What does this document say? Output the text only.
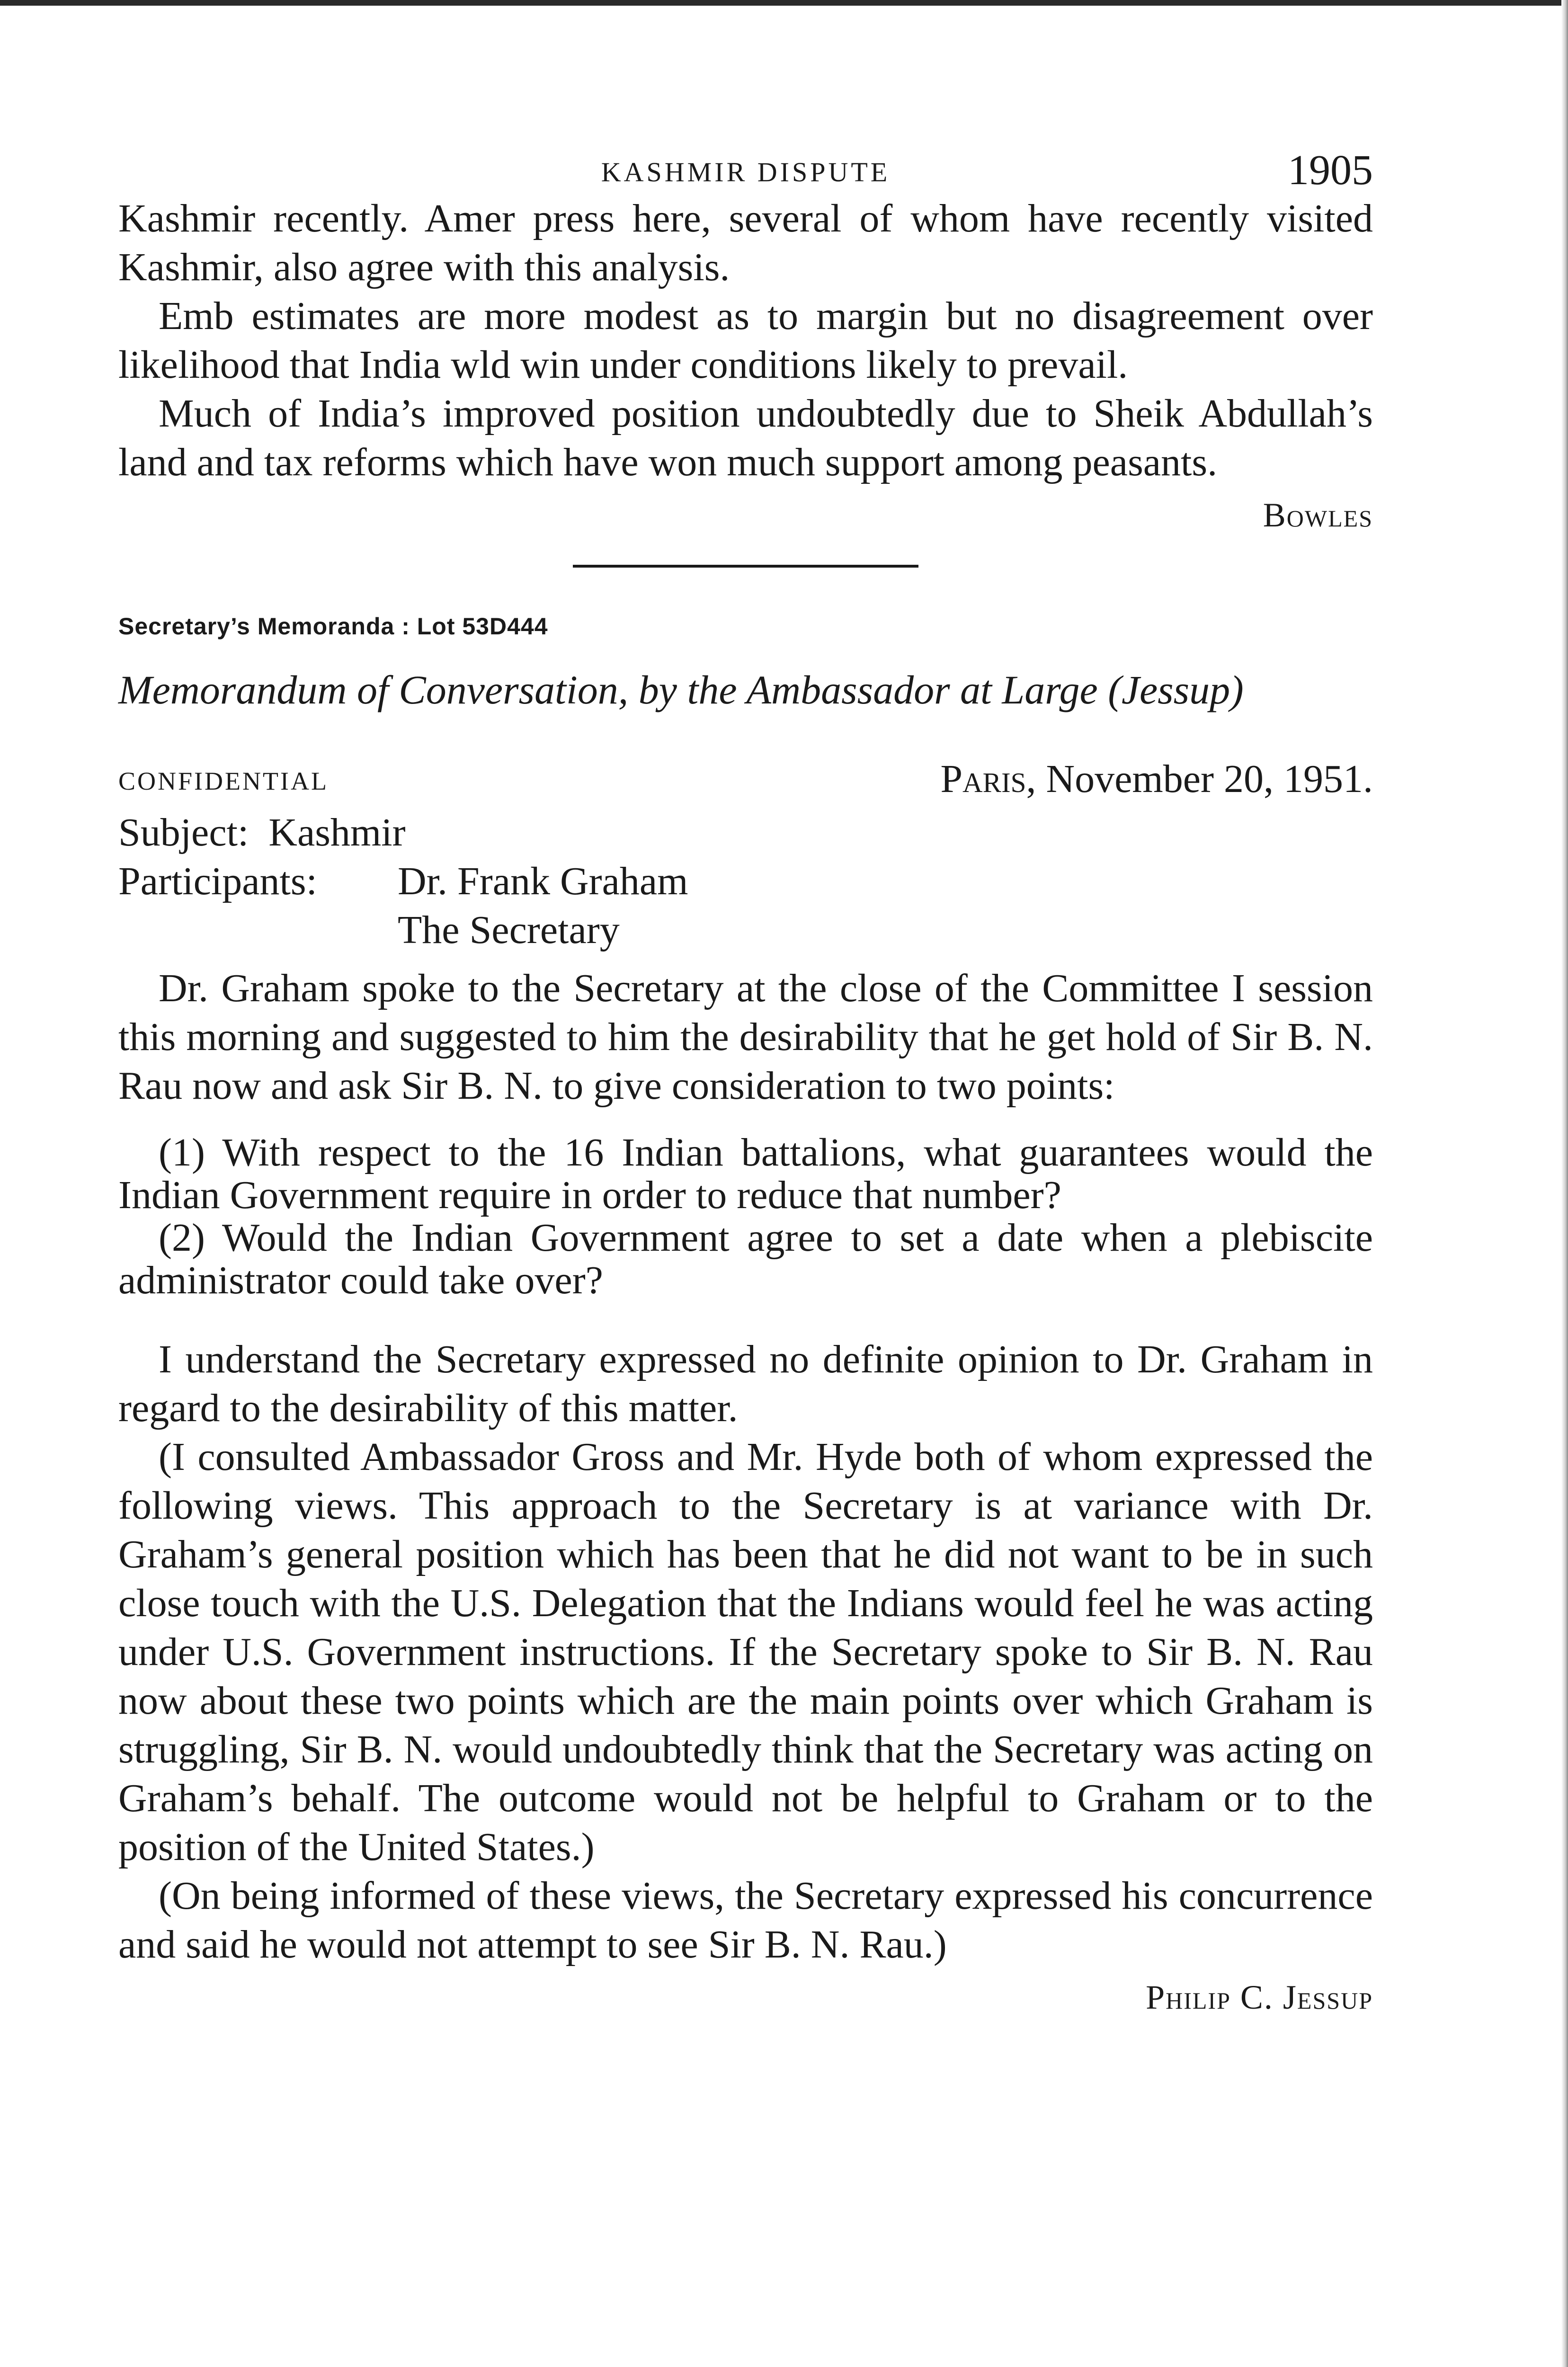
KASHMIR DISPUTE	1905

Kashmir recently. Amer press here, several of whom have recently visited Kashmir, also agree with this analysis.

Emb estimates are more modest as to margin but no disagreement over likelihood that India wld win under conditions likely to prevail.

Much of India’s improved position undoubtedly due to Sheik Abdullah’s land and tax reforms which have won much support among peasants.

Bowles

Secretary’s Memoranda : Lot 53D444

Memorandum of Conversation, by the Ambassador at Large (Jessup)

CONFIDENTIAL	Paris, November 20, 1951.

Subject: Kashmir

Participants:	Dr. Frank Graham
The Secretary

Dr. Graham spoke to the Secretary at the close of the Committee I session this morning and suggested to him the desirability that he get hold of Sir B. N. Rau now and ask Sir B. N. to give consideration to two points:

(1) With respect to the 16 Indian battalions, what guarantees would the Indian Government require in order to reduce that number?

(2) Would the Indian Government agree to set a date when a plebiscite administrator could take over?

I understand the Secretary expressed no definite opinion to Dr. Graham in regard to the desirability of this matter.

(I consulted Ambassador Gross and Mr. Hyde both of whom expressed the following views. This approach to the Secretary is at variance with Dr. Graham’s general position which has been that he did not want to be in such close touch with the U.S. Delegation that the Indians would feel he was acting under U.S. Government instructions. If the Secretary spoke to Sir B. N. Rau now about these two points which are the main points over which Graham is struggling, Sir B. N. would undoubtedly think that the Secretary was acting on Graham’s behalf. The outcome would not be helpful to Graham or to the position of the United States.)

(On being informed of these views, the Secretary expressed his concurrence and said he would not attempt to see Sir B. N. Rau.)

Philip C. Jessup
